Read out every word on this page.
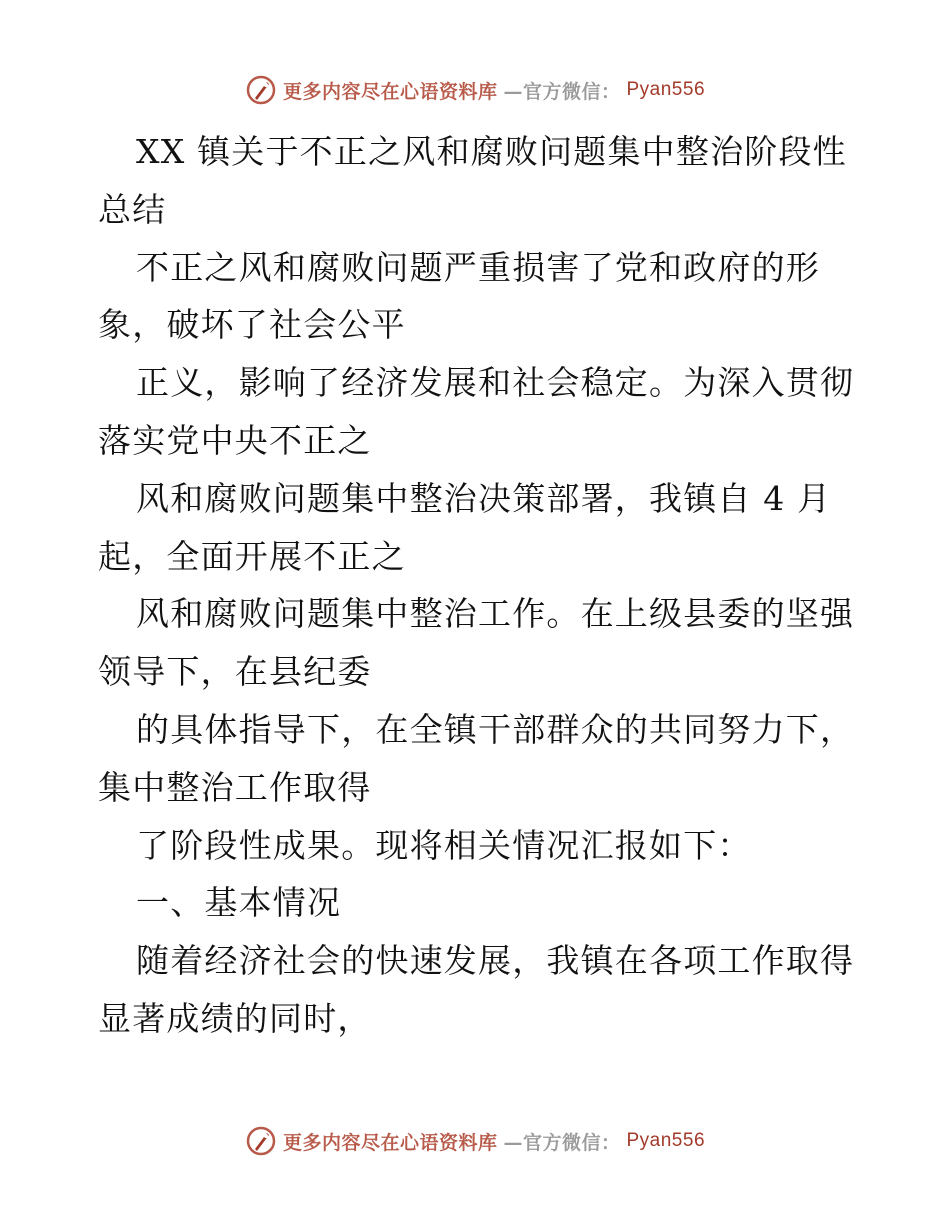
更多内容尽在心语资料库 —官方微信： Pyan556

XX 镇关于不正之风和腐败问题集中整治阶段性总结

不正之风和腐败问题严重损害了党和政府的形象，破坏了社会公平

正义，影响了经济发展和社会稳定。为深入贯彻落实党中央不正之

风和腐败问题集中整治决策部署，我镇自 4 月起，全面开展不正之

风和腐败问题集中整治工作。在上级县委的坚强领导下，在县纪委

的具体指导下，在全镇干部群众的共同努力下，集中整治工作取得

了阶段性成果。现将相关情况汇报如下：

一、基本情况

随着经济社会的快速发展，我镇在各项工作取得显著成绩的同时，

更多内容尽在心语资料库 —官方微信： Pyan556
